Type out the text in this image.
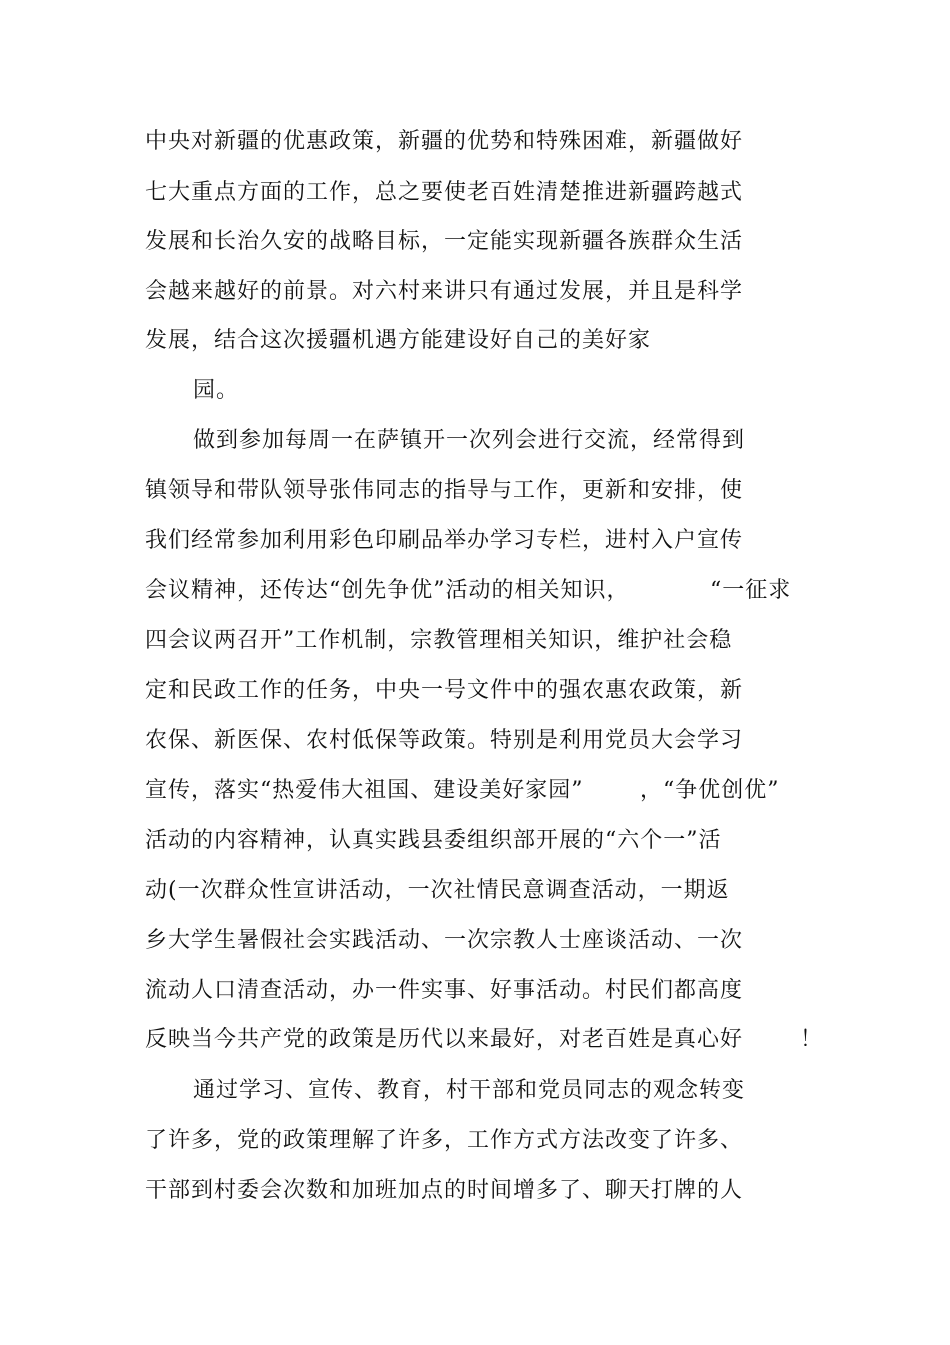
中央对新疆的优惠政策，新疆的优势和特殊困难，新疆做好
七大重点方面的工作，总之要使老百姓清楚推进新疆跨越式
发展和长治久安的战略目标，一定能实现新疆各族群众生活
会越来越好的前景。对六村来讲只有通过发展，并且是科学
发展，结合这次援疆机遇方能建设好自己的美好家
园。
做到参加每周一在萨镇开一次列会进行交流，经常得到
镇领导和带队领导张伟同志的指导与工作，更新和安排，使
我们经常参加利用彩色印刷品举办学习专栏，进村入户宣传
会议精神，还传达“创先争优”活动的相关知识，	“一征求
四会议两召开”工作机制，宗教管理相关知识，维护社会稳
定和民政工作的任务，中央一号文件中的强农惠农政策，新
农保、新医保、农村低保等政策。特别是利用党员大会学习
宣传，落实“热爱伟大祖国、建设美好家园”	，“争优创优”
活动的内容精神，认真实践县委组织部开展的“六个一”活
动(一次群众性宣讲活动，一次社情民意调查活动，一期返
乡大学生暑假社会实践活动、一次宗教人士座谈活动、一次
流动人口清查活动，办一件实事、好事活动。村民们都高度
反映当今共产党的政策是历代以来最好，对老百姓是真心好	！
通过学习、宣传、教育，村干部和党员同志的观念转变
了许多，党的政策理解了许多，工作方式方法改变了许多、
干部到村委会次数和加班加点的时间增多了、聊天打牌的人
